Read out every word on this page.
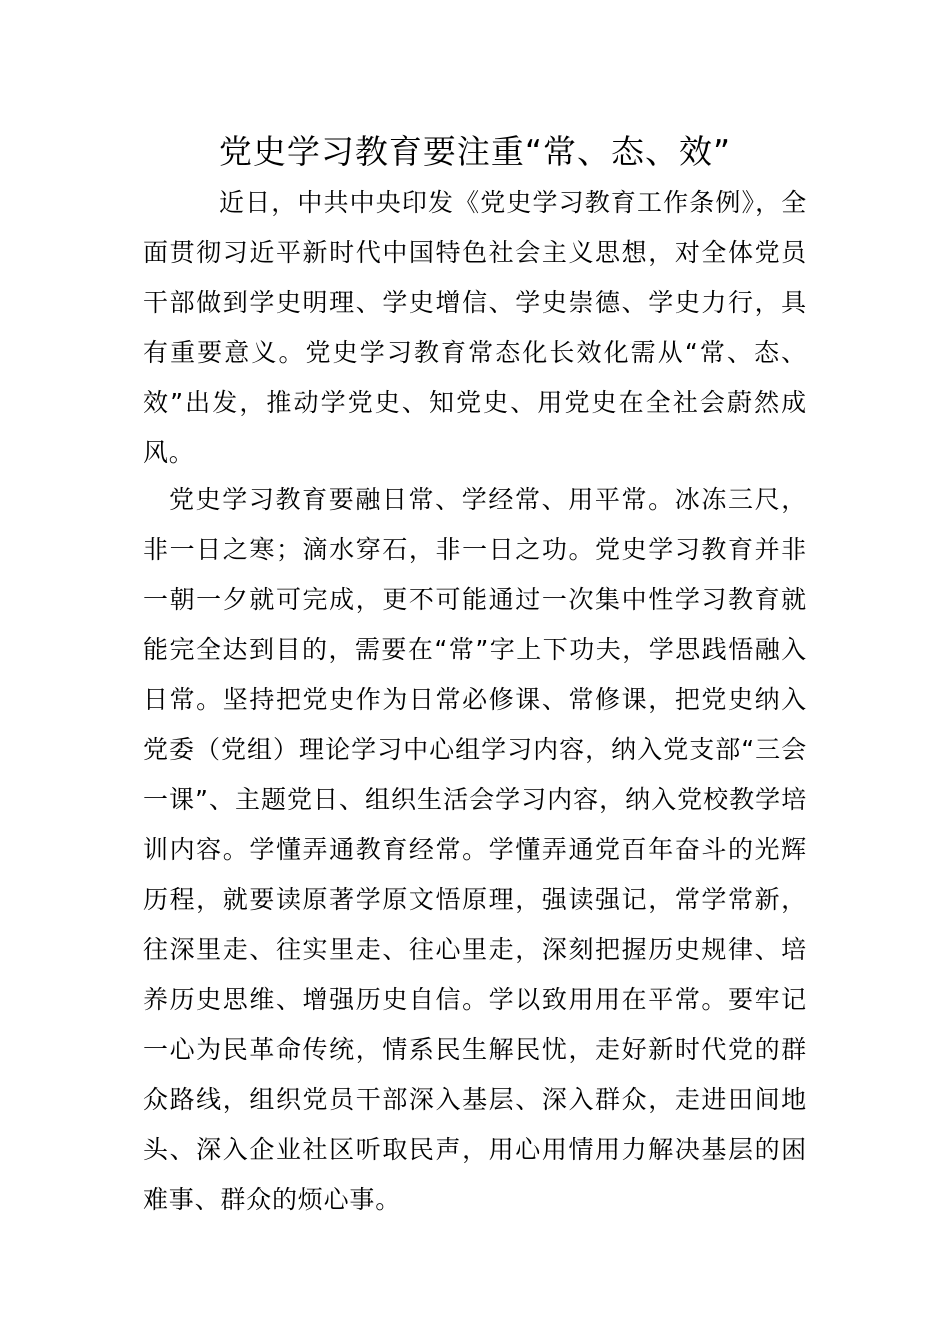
党史学习教育要注重“常、态、效”

近日，中共中央印发《党史学习教育工作条例》，全面贯彻习近平新时代中国特色社会主义思想，对全体党员干部做到学史明理、学史增信、学史崇德、学史力行，具有重要意义。党史学习教育常态化长效化需从“常、态、效”出发，推动学党史、知党史、用党史在全社会蔚然成风。

党史学习教育要融日常、学经常、用平常。冰冻三尺，非一日之寒；滴水穿石，非一日之功。党史学习教育并非一朝一夕就可完成，更不可能通过一次集中性学习教育就能完全达到目的，需要在“常”字上下功夫，学思践悟融入日常。坚持把党史作为日常必修课、常修课，把党史纳入党委（党组）理论学习中心组学习内容，纳入党支部“三会一课”、主题党日、组织生活会学习内容，纳入党校教学培训内容。学懂弄通教育经常。学懂弄通党百年奋斗的光辉历程，就要读原著学原文悟原理，强读强记，常学常新，往深里走、往实里走、往心里走，深刻把握历史规律、培养历史思维、增强历史自信。学以致用用在平常。要牢记一心为民革命传统，情系民生解民忧，走好新时代党的群众路线，组织党员干部深入基层、深入群众，走进田间地头、深入企业社区听取民声，用心用情用力解决基层的困难事、群众的烦心事。
